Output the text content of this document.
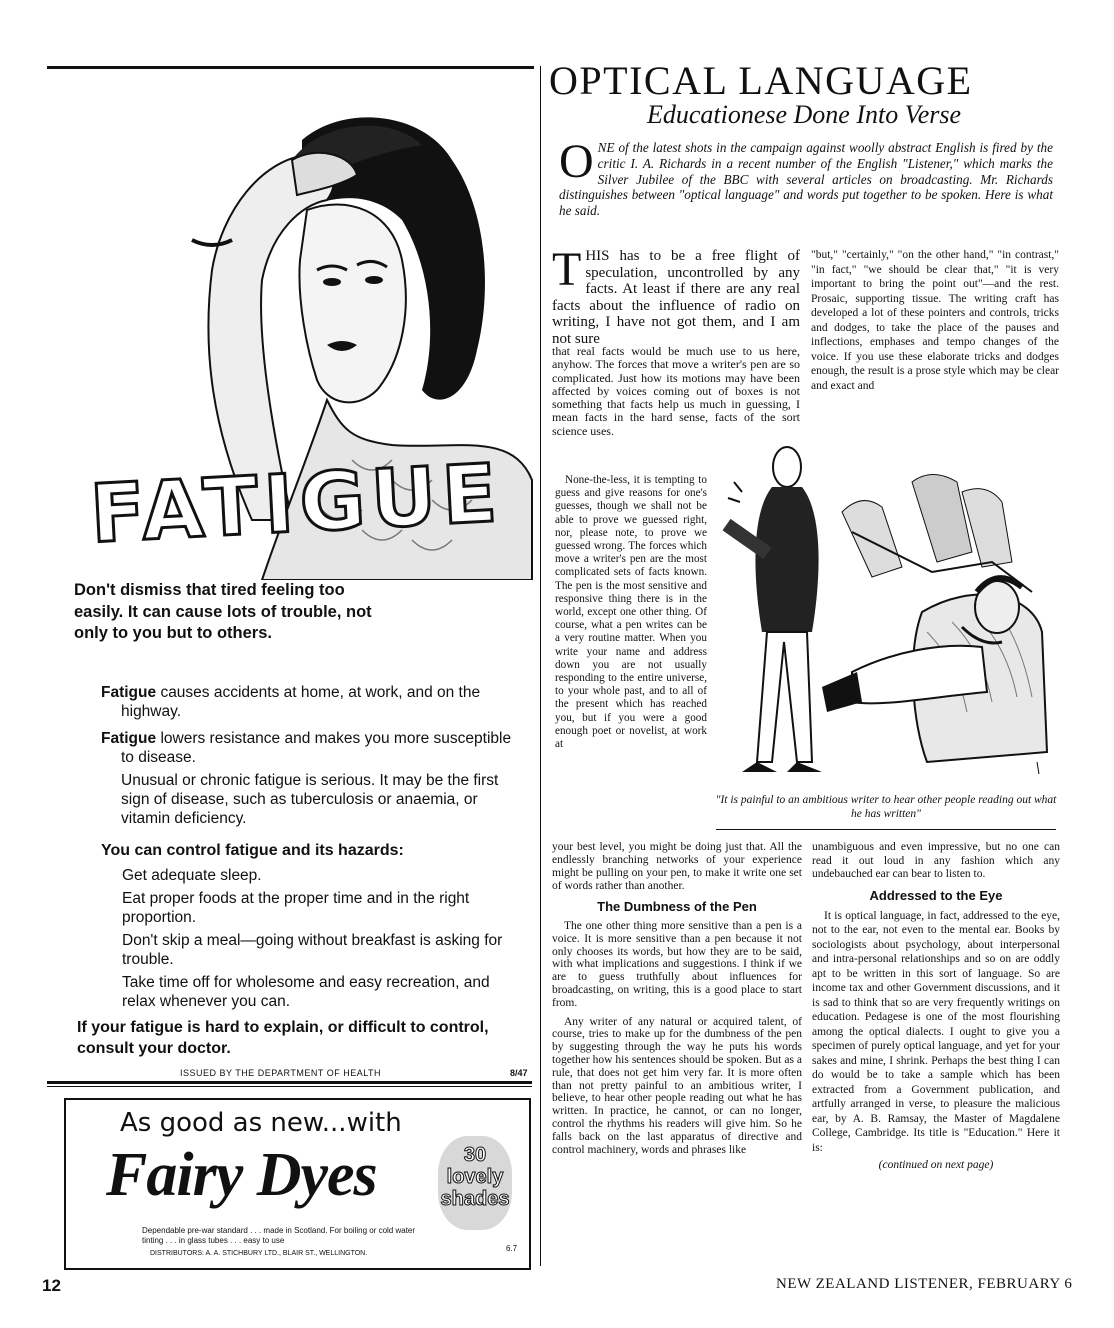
FATIGUE
Don't dismiss that tired feeling too easily. It can cause lots of trouble, not only to you but to others.

Fatigue causes accidents at home, at work, and on the highway.

Fatigue lowers resistance and makes you more susceptible to disease.

Unusual or chronic fatigue is serious. It may be the first sign of disease, such as tuberculosis or anaemia, or vitamin deficiency.

You can control fatigue and its hazards:

Get adequate sleep.

Eat proper foods at the proper time and in the right proportion.

Don't skip a meal—going without breakfast is asking for trouble.

Take time off for wholesome and easy recreation, and relax whenever you can.

If your fatigue is hard to explain, or difficult to control, consult your doctor.
ISSUED BY THE DEPARTMENT OF HEALTH	8/47
As good as new...with
Fairy Dyes	30
lovely
shades
Dependable pre-war standard . . . made in Scotland. For boiling or cold water tinting . . . in glass tubes . . . easy to use
DISTRIBUTORS: A. A. STICHBURY LTD., BLAIR ST., WELLINGTON.
6.7
OPTICAL LANGUAGE
Educationese Done Into Verse
ONE of the latest shots in the campaign against woolly abstract English is fired by the critic I. A. Richards in a recent number of the English "Listener," which marks the Silver Jubilee of the BBC with several articles on broadcasting. Mr. Richards distinguishes between "optical language" and words put together to be spoken. Here is what he said.

THIS has to be a free flight of speculation, uncontrolled by any facts. At least if there are any real facts about the influence of radio on writing, I have not got them, and I am not sure

that real facts would be much use to us here, anyhow. The forces that move a writer's pen are so complicated. Just how its motions may have been affected by voices coming out of boxes is not something that facts help us much in guessing, I mean facts in the hard sense, facts of the sort science uses.

None-the-less, it is tempting to guess and give reasons for one's guesses, though we shall not be able to prove we guessed right, nor, please note, to prove we guessed wrong. The forces which move a writer's pen are the most complicated sets of facts known. The pen is the most sensitive and responsive thing there is in the world, except one other thing. Of course, what a pen writes can be a very routine matter. When you write your name and address down you are not usually responding to the entire universe, to your whole past, and to all of the present which has reached you, but if you were a good enough poet or novelist, at work at

"but," "certainly," "on the other hand," "in contrast," "in fact," "we should be clear that," "it is very important to bring the point out"—and the rest. Prosaic, supporting tissue. The writing craft has developed a lot of these pointers and controls, tricks and dodges, to take the place of the pauses and inflections, emphases and tempo changes of the voice. If you use these elaborate tricks and dodges enough, the result is a prose style which may be clear and exact and

"It is painful to an ambitious writer to hear other people reading out what he has written"

your best level, you might be doing just that. All the endlessly branching networks of your experience might be pulling on your pen, to make it write one set of words rather than another.

The Dumbness of the Pen

The one other thing more sensitive than a pen is a voice. It is more sensitive than a pen because it not only chooses its words, but how they are to be said, with what implications and suggestions. I think if we are to guess truthfully about influences for broadcasting, on writing, this is a good place to start from.

Any writer of any natural or acquired talent, of course, tries to make up for the dumbness of the pen by suggesting through the way he puts his words together how his sentences should be spoken. But as a rule, that does not get him very far. It is more often than not pretty painful to an ambitious writer, I believe, to hear other people reading out what he has written. In practice, he cannot, or can no longer, control the rhythms his readers will give him. So he falls back on the last apparatus of directive and control machinery, words and phrases like

unambiguous and even impressive, but no one can read it out loud in any fashion which any undebauched ear can bear to listen to.

Addressed to the Eye

It is optical language, in fact, addressed to the eye, not to the ear, not even to the mental ear. Books by sociologists about psychology, about interpersonal and intra-personal relationships and so on are oddly apt to be written in this sort of language. So are income tax and other Government discussions, and it is sad to think that so are very frequently writings on education. Pedagese is one of the most flourishing among the optical dialects. I ought to give you a specimen of purely optical language, and yet for your sakes and mine, I shrink. Perhaps the best thing I can do would be to take a sample which has been extracted from a Government publication, and artfully arranged in verse, to pleasure the malicious ear, by A. B. Ramsay, the Master of Magdalene College, Cambridge. Its title is "Education." Here it is:

(continued on next page)

12	NEW ZEALAND LISTENER, FEBRUARY 6
